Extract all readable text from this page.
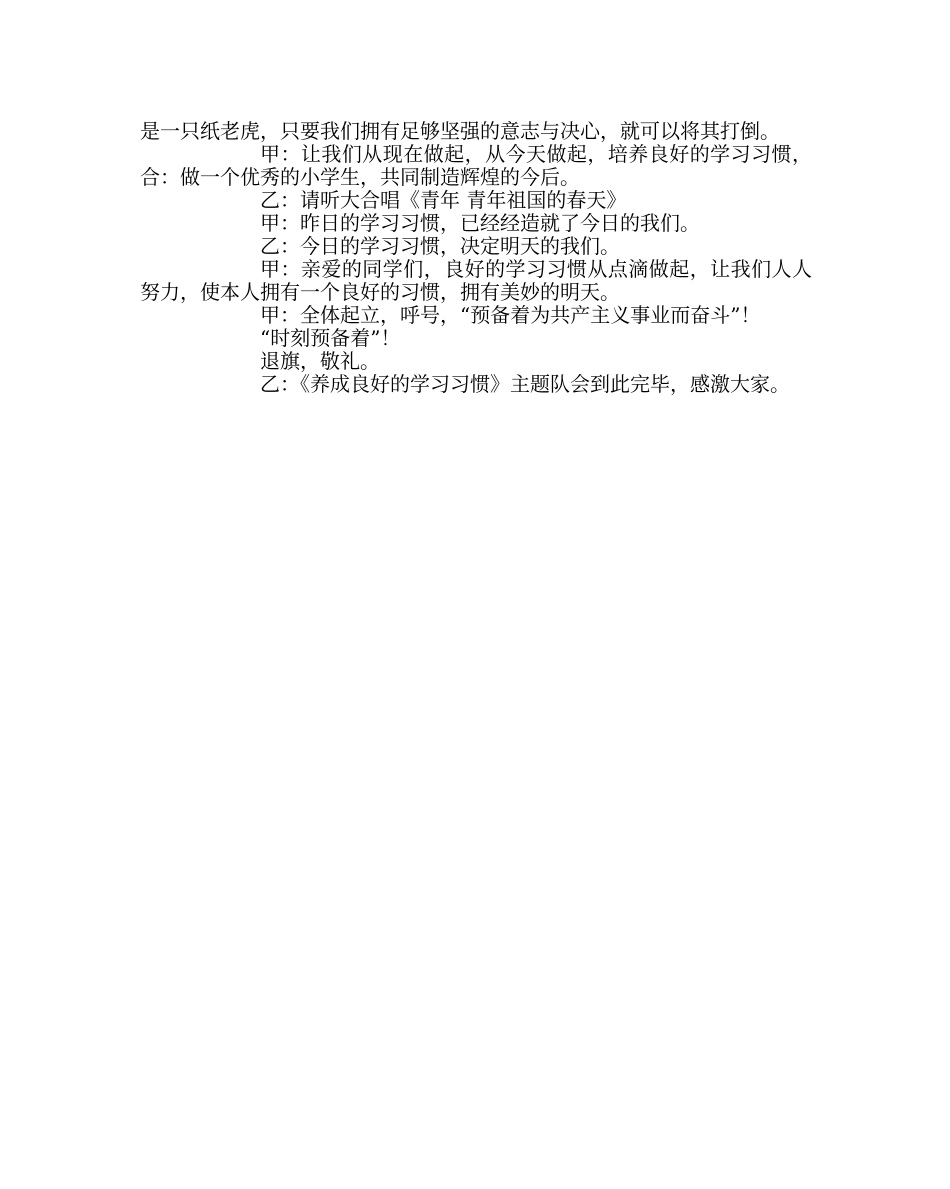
是一只纸老虎，只要我们拥有足够坚强的意志与决心，就可以将其打倒。

甲：让我们从现在做起，从今天做起，培养良好的学习习惯，合：做一个优秀的小学生，共同制造辉煌的今后。

乙：请听大合唱《青年 青年祖国的春天》

甲：昨日的学习习惯，已经经造就了今日的我们。

乙：今日的学习习惯，决定明天的我们。

甲：亲爱的同学们，良好的学习习惯从点滴做起，让我们人人努力，使本人拥有一个良好的习惯，拥有美妙的明天。

甲：全体起立，呼号，“预备着为共产主义事业而奋斗”！

“时刻预备着”！

退旗，敬礼。

乙：《养成良好的学习习惯》主题队会到此完毕，感激大家。
